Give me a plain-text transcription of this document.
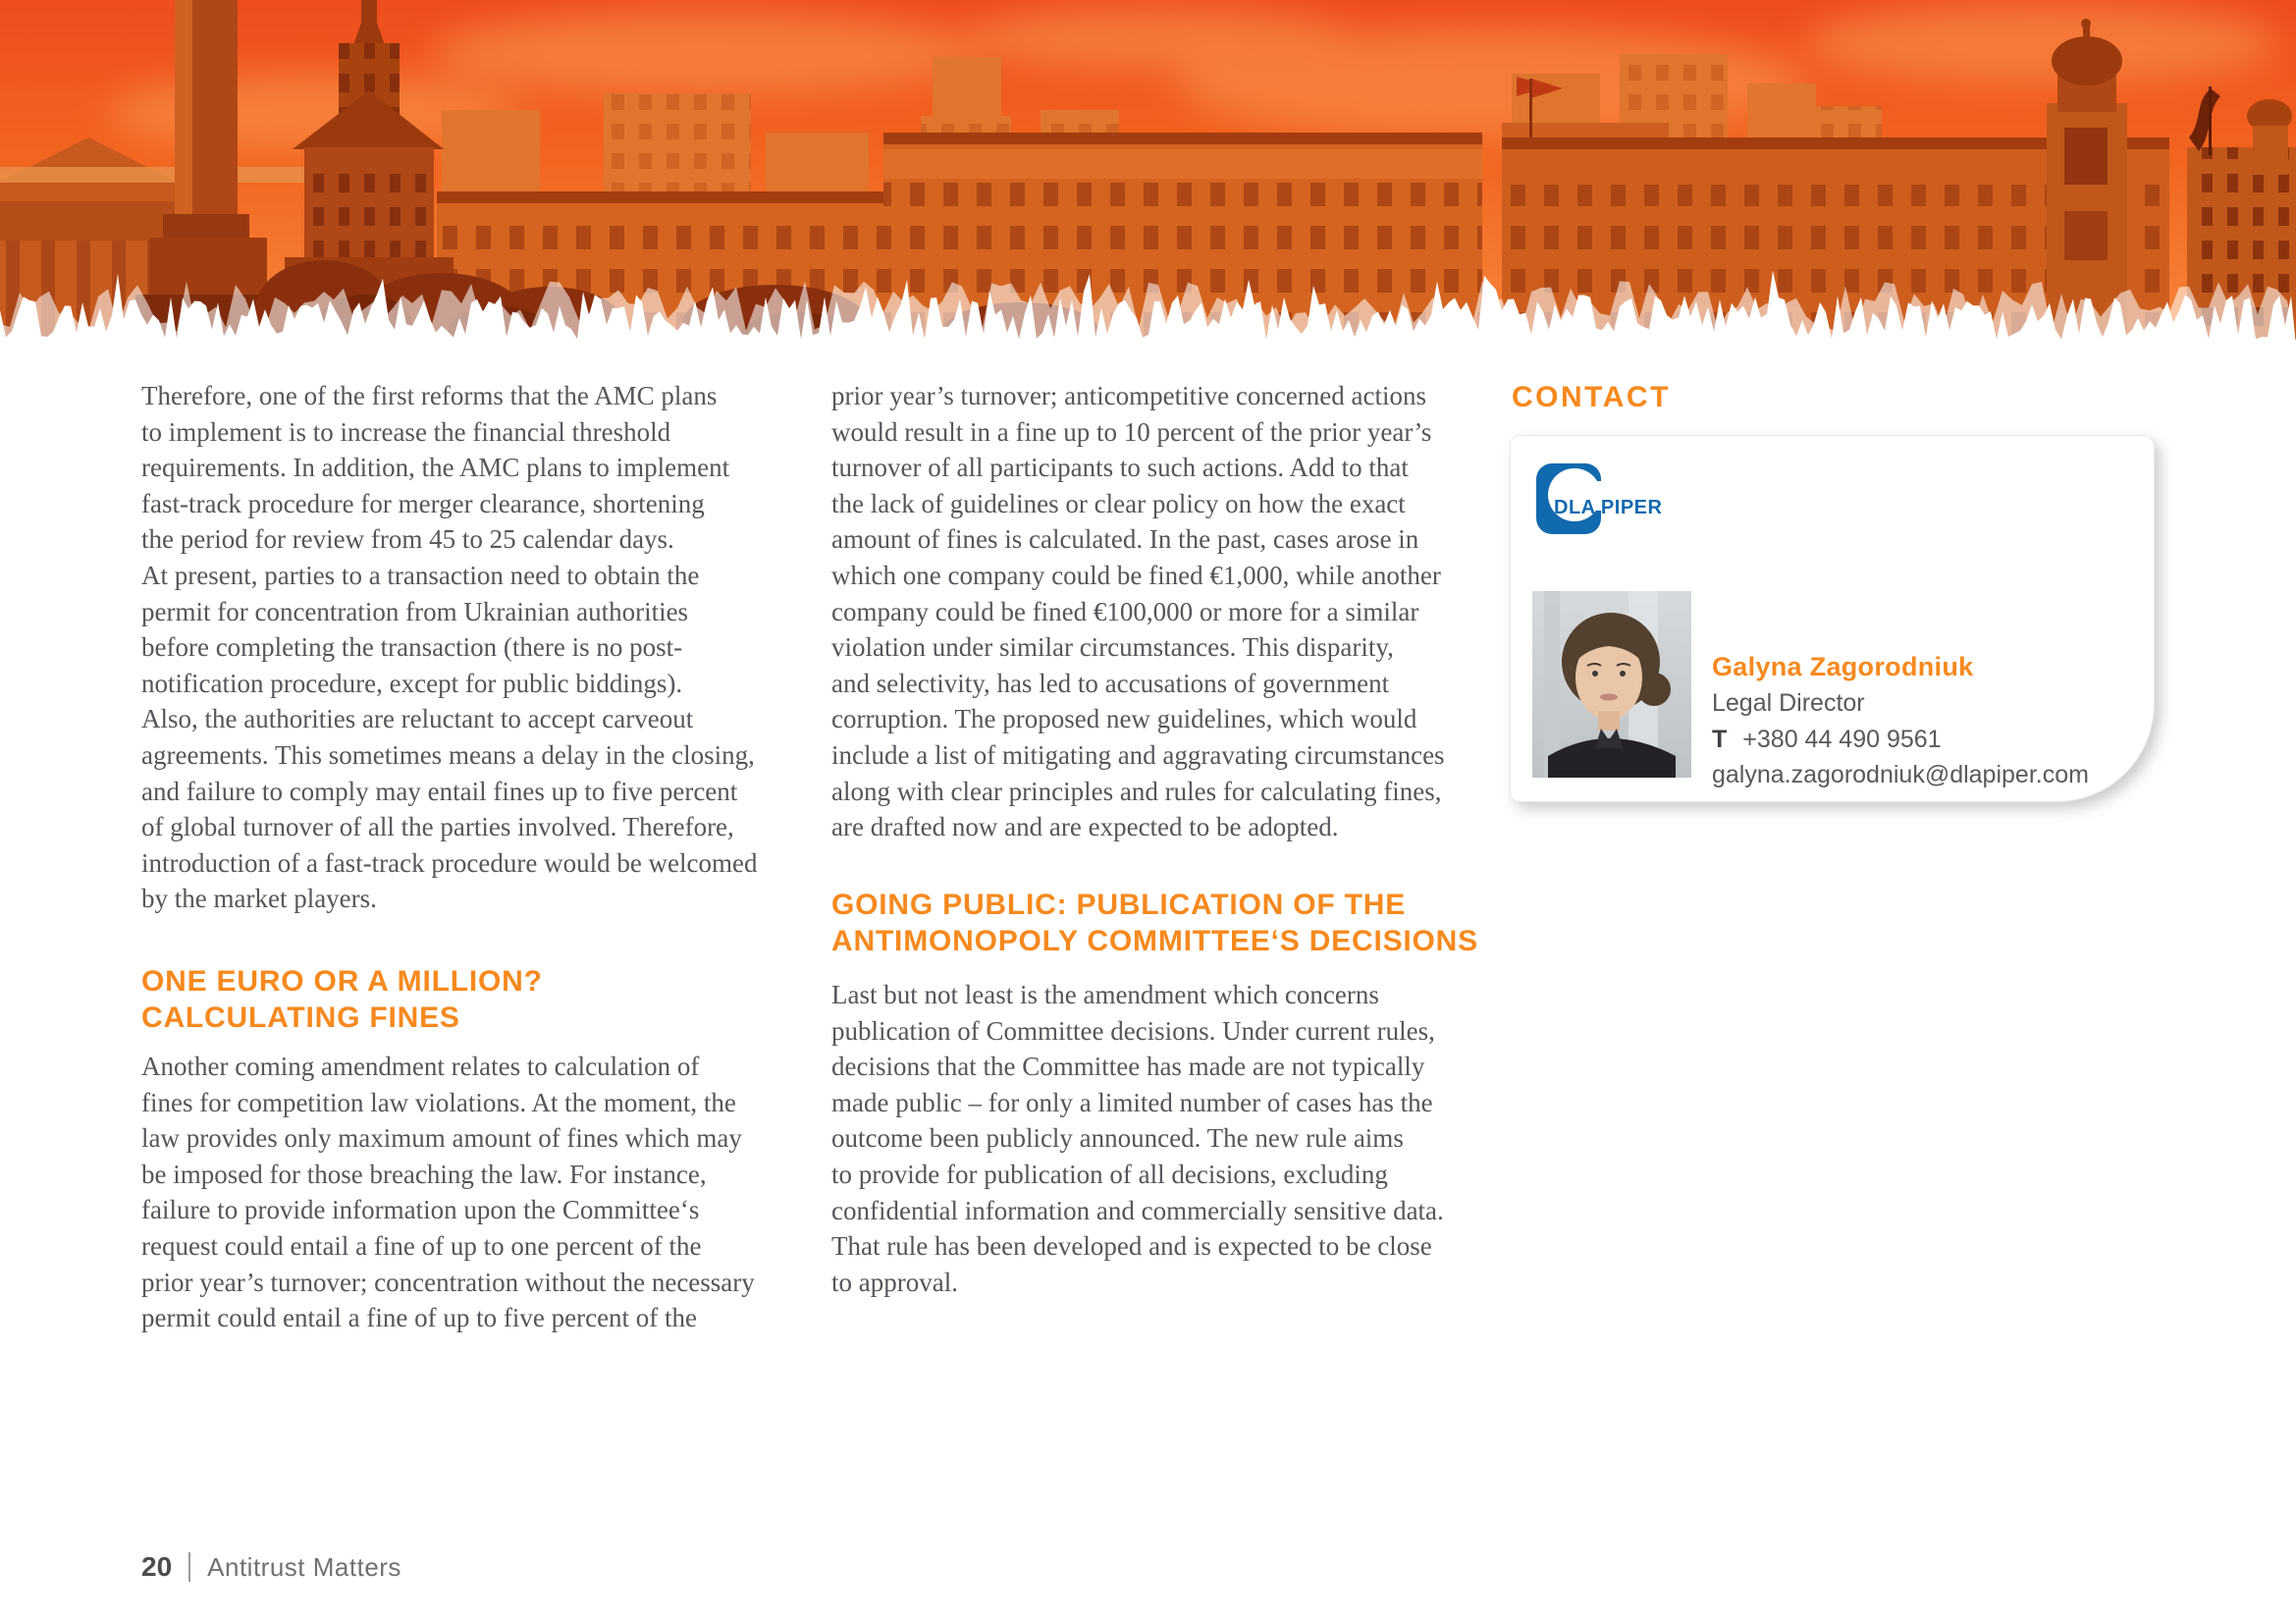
Therefore, one of the first reforms that the AMC plans
to implement is to increase the financial threshold
requirements. In addition, the AMC plans to implement
fast-track procedure for merger clearance, shortening
the period for review from 45 to 25 calendar days.
At present, parties to a transaction need to obtain the
permit for concentration from Ukrainian authorities
before completing the transaction (there is no post-
notification procedure, except for public biddings).
Also, the authorities are reluctant to accept carveout
agreements. This sometimes means a delay in the closing,
and failure to comply may entail fines up to five percent
of global turnover of all the parties involved. Therefore,
introduction of a fast-track procedure would be welcomed
by the market players.
ONE EURO OR A MILLION?
CALCULATING FINES
Another coming amendment relates to calculation of
fines for competition law violations. At the moment, the
law provides only maximum amount of fines which may
be imposed for those breaching the law. For instance,
failure to provide information upon the Committee‘s
request could entail a fine of up to one percent of the
prior year’s turnover; concentration without the necessary
permit could entail a fine of up to five percent of the
prior year’s turnover; anticompetitive concerned actions
would result in a fine up to 10 percent of the prior year’s
turnover of all participants to such actions. Add to that
the lack of guidelines or clear policy on how the exact
amount of fines is calculated. In the past, cases arose in
which one company could be fined €1,000, while another
company could be fined €100,000 or more for a similar
violation under similar circumstances. This disparity,
and selectivity, has led to accusations of government
corruption. The proposed new guidelines, which would
include a list of mitigating and aggravating circumstances
along with clear principles and rules for calculating fines,
are drafted now and are expected to be adopted.
GOING PUBLIC: PUBLICATION OF THE
ANTIMONOPOLY COMMITTEE‘S DECISIONS
Last but not least is the amendment which concerns
publication of Committee decisions. Under current rules,
decisions that the Committee has made are not typically
made public – for only a limited number of cases has the
outcome been publicly announced. The new rule aims
to provide for publication of all decisions, excluding
confidential information and commercially sensitive data.
That rule has been developed and is expected to be close
to approval.
CONTACT
DLA PIPER
Galyna Zagorodniuk
Legal Director
T +380 44 490 9561
galyna.zagorodniuk@dlapiper.com
20 Antitrust Matters
